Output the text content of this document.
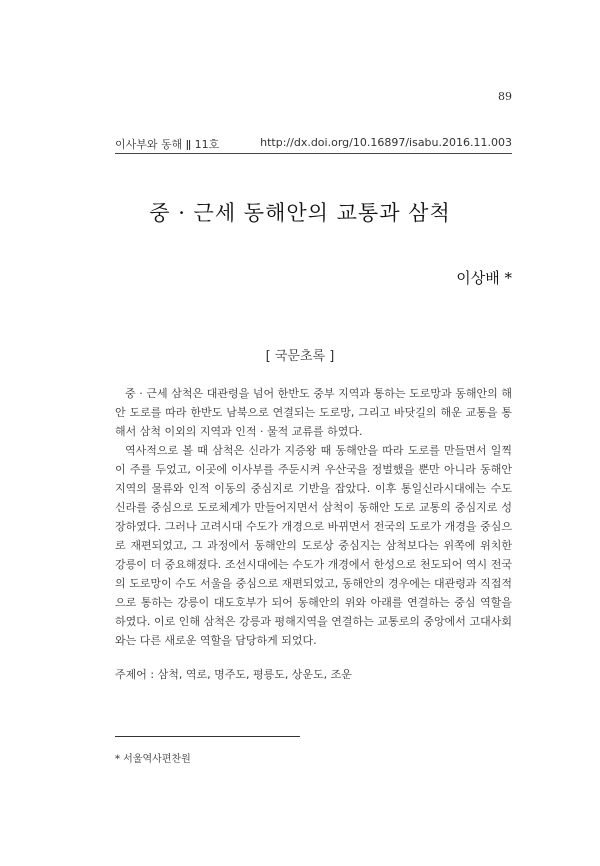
89
이사부와 동해 ǁ 11호	http://dx.doi.org/10.16897/isabu.2016.11.003
중 · 근세 동해안의 교통과 삼척
이상배 *
[ 국문초록 ]

중 · 근세 삼척은 대관령을 넘어 한반도 중부 지역과 통하는 도로망과 동해안의 해안 도로를 따라 한반도 남북으로 연결되는 도로망, 그리고 바닷길의 해운 교통을 통해서 삼척 이외의 지역과 인적 · 물적 교류를 하였다.

역사적으로 볼 때 삼척은 신라가 지증왕 때 동해안을 따라 도로를 만들면서 일찍이 주를 두었고, 이곳에 이사부를 주둔시켜 우산국을 정벌했을 뿐만 아니라 동해안 지역의 물류와 인적 이동의 중심지로 기반을 잡았다. 이후 통일신라시대에는 수도 신라를 중심으로 도로체계가 만들어지면서 삼척이 동해안 도로 교통의 중심지로 성장하였다. 그러나 고려시대 수도가 개경으로 바뀌면서 전국의 도로가 개경을 중심으로 재편되었고, 그 과정에서 동해안의 도로상 중심지는 삼척보다는 위쪽에 위치한 강릉이 더 중요해졌다. 조선시대에는 수도가 개경에서 한성으로 천도되어 역시 전국의 도로망이 수도 서울을 중심으로 재편되었고, 동해안의 경우에는 대관령과 직접적으로 통하는 강릉이 대도호부가 되어 동해안의 위와 아래를 연결하는 중심 역할을 하였다. 이로 인해 삼척은 강릉과 평해지역을 연결하는 교통로의 중앙에서 고대사회와는 다른 새로운 역할을 담당하게 되었다.

주제어 : 삼척, 역로, 명주도, 평릉도, 상운도, 조운
* 서울역사편찬원
